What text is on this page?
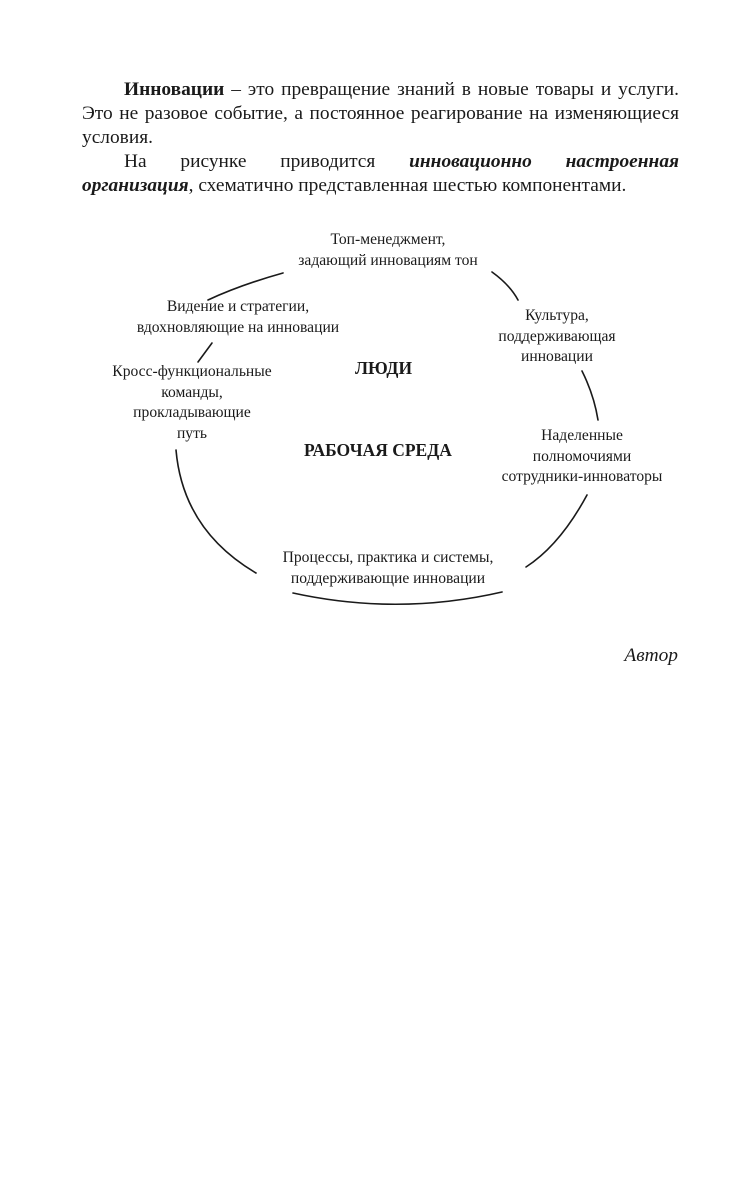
Инновации – это превращение знаний в новые товары и услуги. Это не разовое событие, а постоянное реагирование на изменяющиеся условия.

На рисунке приводится инновационно настроенная организация, схематично представленная шестью компонентами.

Топ-менеджмент,
задающий инновациям тон
Видение и стратегии,
вдохновляющие на инновации
Культура,
поддерживающая
инновации
Кросс-функциональные
команды,
прокладывающие
путь	Наделенные
полномочиями
сотрудники-инноваторы
Процессы, практика и системы,
поддерживающие инновации
ЛЮДИ
РАБОЧАЯ СРЕДА
Автор
